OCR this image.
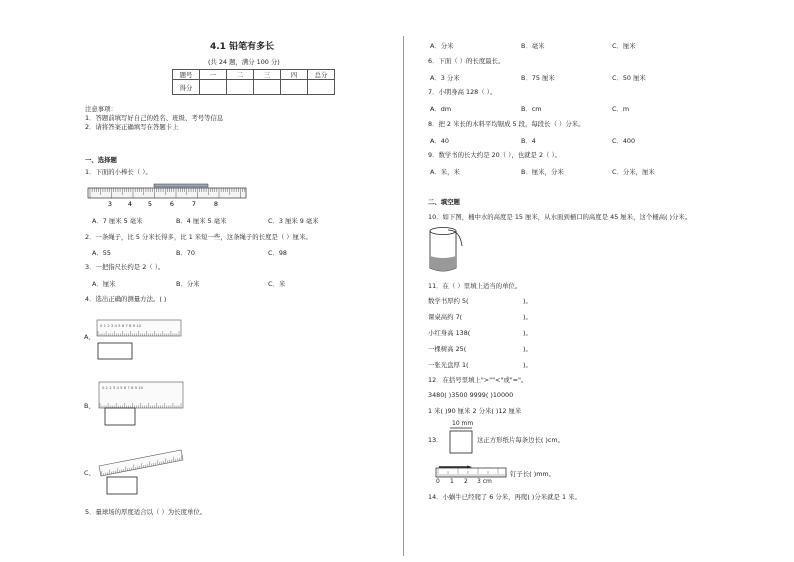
4.1 铅笔有多长
(共 24 题，满分 100 分)
题号	一	二	三	四	总分
得分					
注意事项：
1．答题前填写好自己的姓名、班级、考号等信息
2．请将答案正确填写在答题卡上
一、选择题
1．下面的小棒长（ ）。
3 4 5	6	7	8
A．7 厘米 5 毫米	B．4 厘米 5 毫米	C．3 厘米 9 毫米
2．一条绳子，比 5 分米长得多，比 1 米短一些，这条绳子的长度是（ ）厘米。
A．55	B．70	C．98
3．一把指尺长约是 2（ ）。
A．厘米	B．分米	C．米
4．选出正确的测量方法。( )
A、
0 1 2 3 4 5 6 7 8 9 10
B、
0 1 2 3 4 5 6 7 8 9 10
C、
5．量球场的厚度适合以（ ）为长度单位。
A．分米	B．毫米	C．厘米
6．下面（ ）的长度最长。
A．3 分米	B．75 厘米	C．50 厘米
7．小明身高 128（ ）。
A．dm	B．cm	C．m
8．把 2 米长的木料平均锯成 5 段，每段长（ ）分米。
A．40	B．4	C．400
9．数学书的长大约是 20（ ），也就是 2（ ）。
A．米，米	B．厘米，分米	C．分米，厘米
二、填空题
10．如下图，桶中水的高度是 15 厘米，从水面到桶口的高度是 45 厘米，这个桶高( )分米。
11．在（ ）里填上适当的单位。
数学书厚约 5(	)。
课桌高约 7(	)。
小红身高 138(	)。
一棵树高 25(	)。
一张光盘厚 1(	)。
12．在括号里填上">""<"或"="。
3480( )3500 9999( )10000
1 米( )90 厘米 2 分米( )12 厘米
13．
10 mm
这正方形纸片每条边长( )cm。
0 1 2 3 cm
钉子长( )mm。
14．小蜗牛已经爬了 6 分米，再爬( )分米就是 1 米。
